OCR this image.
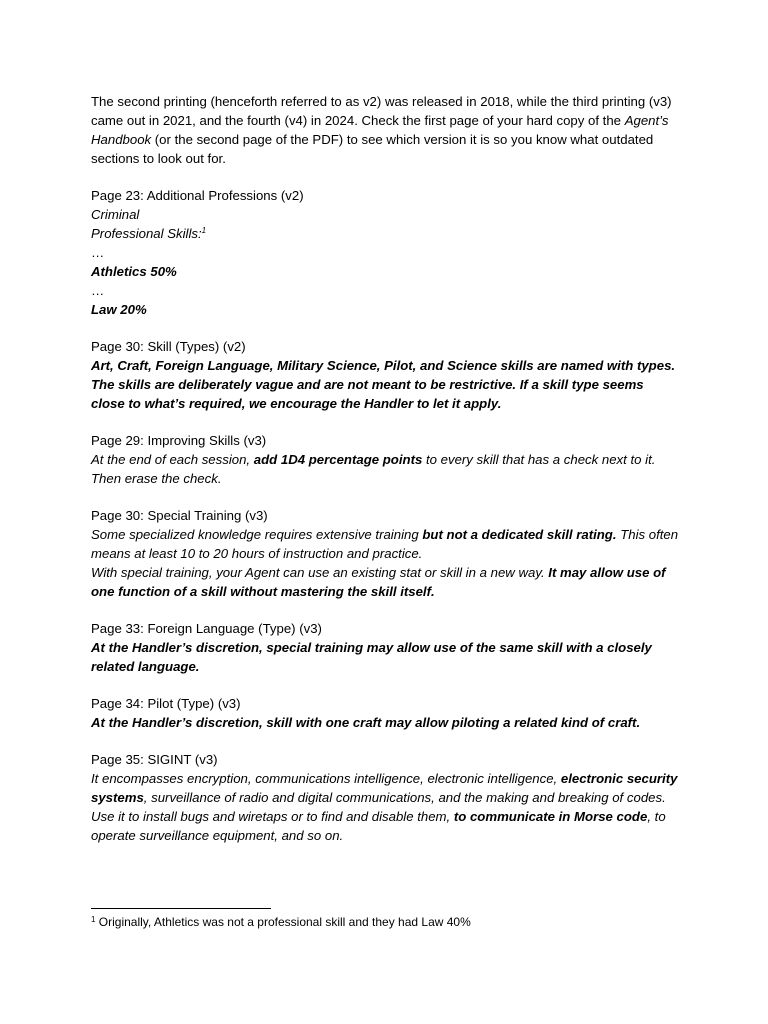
The second printing (henceforth referred to as v2) was released in 2018, while the third printing (v3) came out in 2021, and the fourth (v4) in 2024. Check the first page of your hard copy of the Agent’s Handbook (or the second page of the PDF) to see which version it is so you know what outdated sections to look out for.

Page 23: Additional Professions (v2)

Criminal

Professional Skills:$^1$

…

Athletics 50%

…

Law 20%

Page 30: Skill (Types) (v2)

Art, Craft, Foreign Language, Military Science, Pilot, and Science skills are named with types. The skills are deliberately vague and are not meant to be restrictive. If a skill type seems close to what’s required, we encourage the Handler to let it apply.

Page 29: Improving Skills (v3)

At the end of each session, add 1D4 percentage points to every skill that has a check next to it. Then erase the check.

Page 30: Special Training (v3)

Some specialized knowledge requires extensive training but not a dedicated skill rating. This often means at least 10 to 20 hours of instruction and practice.

With special training, your Agent can use an existing stat or skill in a new way. It may allow use of one function of a skill without mastering the skill itself.

Page 33: Foreign Language (Type) (v3)

At the Handler’s discretion, special training may allow use of the same skill with a closely related language.

Page 34: Pilot (Type) (v3)

At the Handler’s discretion, skill with one craft may allow piloting a related kind of craft.

Page 35: SIGINT (v3)

It encompasses encryption, communications intelligence, electronic intelligence, electronic security systems, surveillance of radio and digital communications, and the making and breaking of codes. Use it to install bugs and wiretaps or to find and disable them, to communicate in Morse code, to operate surveillance equipment, and so on.

$^1$ Originally, Athletics was not a professional skill and they had Law 40%
